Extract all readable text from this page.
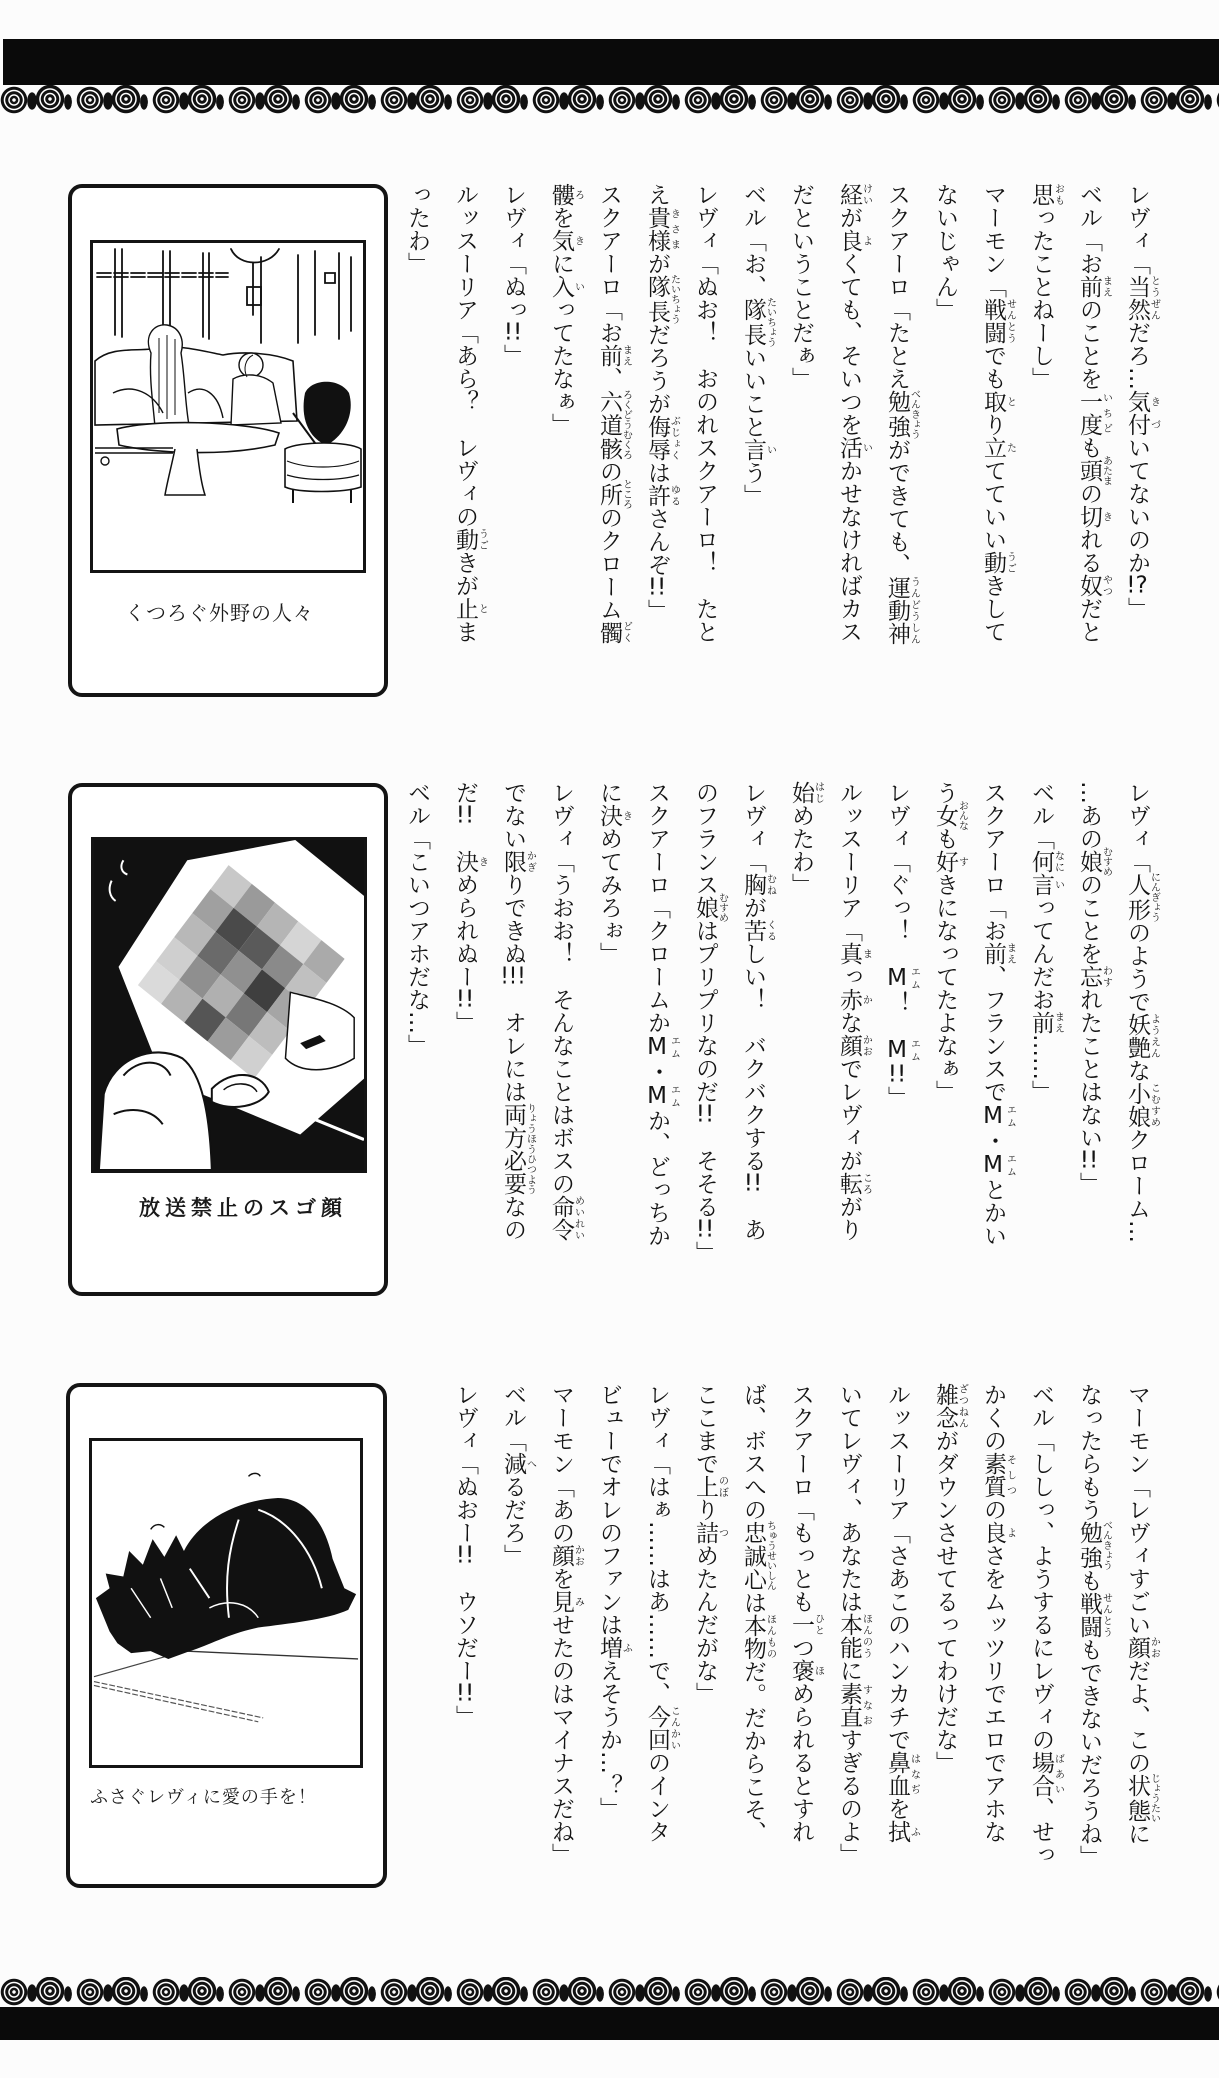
くつろぐ外野の人々
レヴィ「当然とうぜんだろ…気付きづいてないのか!?」
ベル「お前まえのことを一度いちども頭あたまの切きれる奴やつだと
思おもったことねーし」
マーモン「戦闘せんとうでも取とり立たてていい動うごきして
ないじゃん」
スクアーロ「たとえ勉強べんきょうができても、運動神うんどうしん
経けいが良よくても、そいつを活いかせなければカス
だということだぁ」
ベル「お、隊長たいちょういいこと言いう」
レヴィ「ぬお！　おのれスクアーロ！　たと
え貴様きさまが隊長たいちょうだろうが侮辱ぶじょくは許ゆるさんぞ!!」
スクアーロ「お前まえ、六道骸ろくどうむくろの所ところのクローム髑どく
髏ろを気きに入いってたなぁ」
レヴィ「ぬっ!!」
ルッスーリア「あら？　レヴィの動うごきが止とま
ったわ」
放送禁止のスゴ顔
レヴィ「人形にんぎょうのようで妖艶ようえんな小娘こむすめクローム…
…あの娘むすめのことを忘わすれたことはない!!」
ベル「何なに言いってんだお前まえ……」
スクアーロ「お前まえ、フランスでMエム・Mエムとかい
う女おんなも好すきになってたよなぁ」
レヴィ「ぐっ！　Mエム！　Mエム!!」
ルッスーリア「真まっ赤かな顔かおでレヴィが転ころがり
始はじめたわ」
レヴィ「胸むねが苦くるしい！　バクバクする!!　あ
のフランス娘むすめはプリプリなのだ!!　そそる!!」
スクアーロ「クロームかMエム・Mエムか、どっちか
に決きめてみろぉ」
レヴィ「うおお！　そんなことはボスの命令めいれい
でない限かぎりできぬ!!!　オレには両方必要りょうほうひつようなの
だ!!　決きめられぬー!!」
ベル「こいつアホだな…」
ふさぐレヴィに愛の手を！
マーモン「レヴィすごい顔かおだよ、この状態じょうたいに
なったらもう勉強べんきょうも戦闘せんとうもできないだろうね」
ベル「ししっ、ようするにレヴィの場合ばあい、せっ
かくの素質そしつの良よさをムッツリでエロでアホな
雑念ざつねんがダウンさせてるってわけだな」
ルッスーリア「さあこのハンカチで鼻血はなぢを拭ふ
いてレヴィ、あなたは本能ほんのうに素直すなおすぎるのよ」
スクアーロ「もっとも一ひとつ褒ほめられるとすれ
ば、ボスへの忠誠心ちゅうせいしんは本物ほんものだ。だからこそ、
ここまで上のぼり詰つめたんだがな」
レヴィ「はぁ……はあ……で、今回こんかいのインタ
ビューでオレのファンは増ふえそうか…？」
マーモン「あの顔かおを見みせたのはマイナスだね」
ベル「減へるだろ」
レヴィ「ぬおー!!　ウソだー!!」
